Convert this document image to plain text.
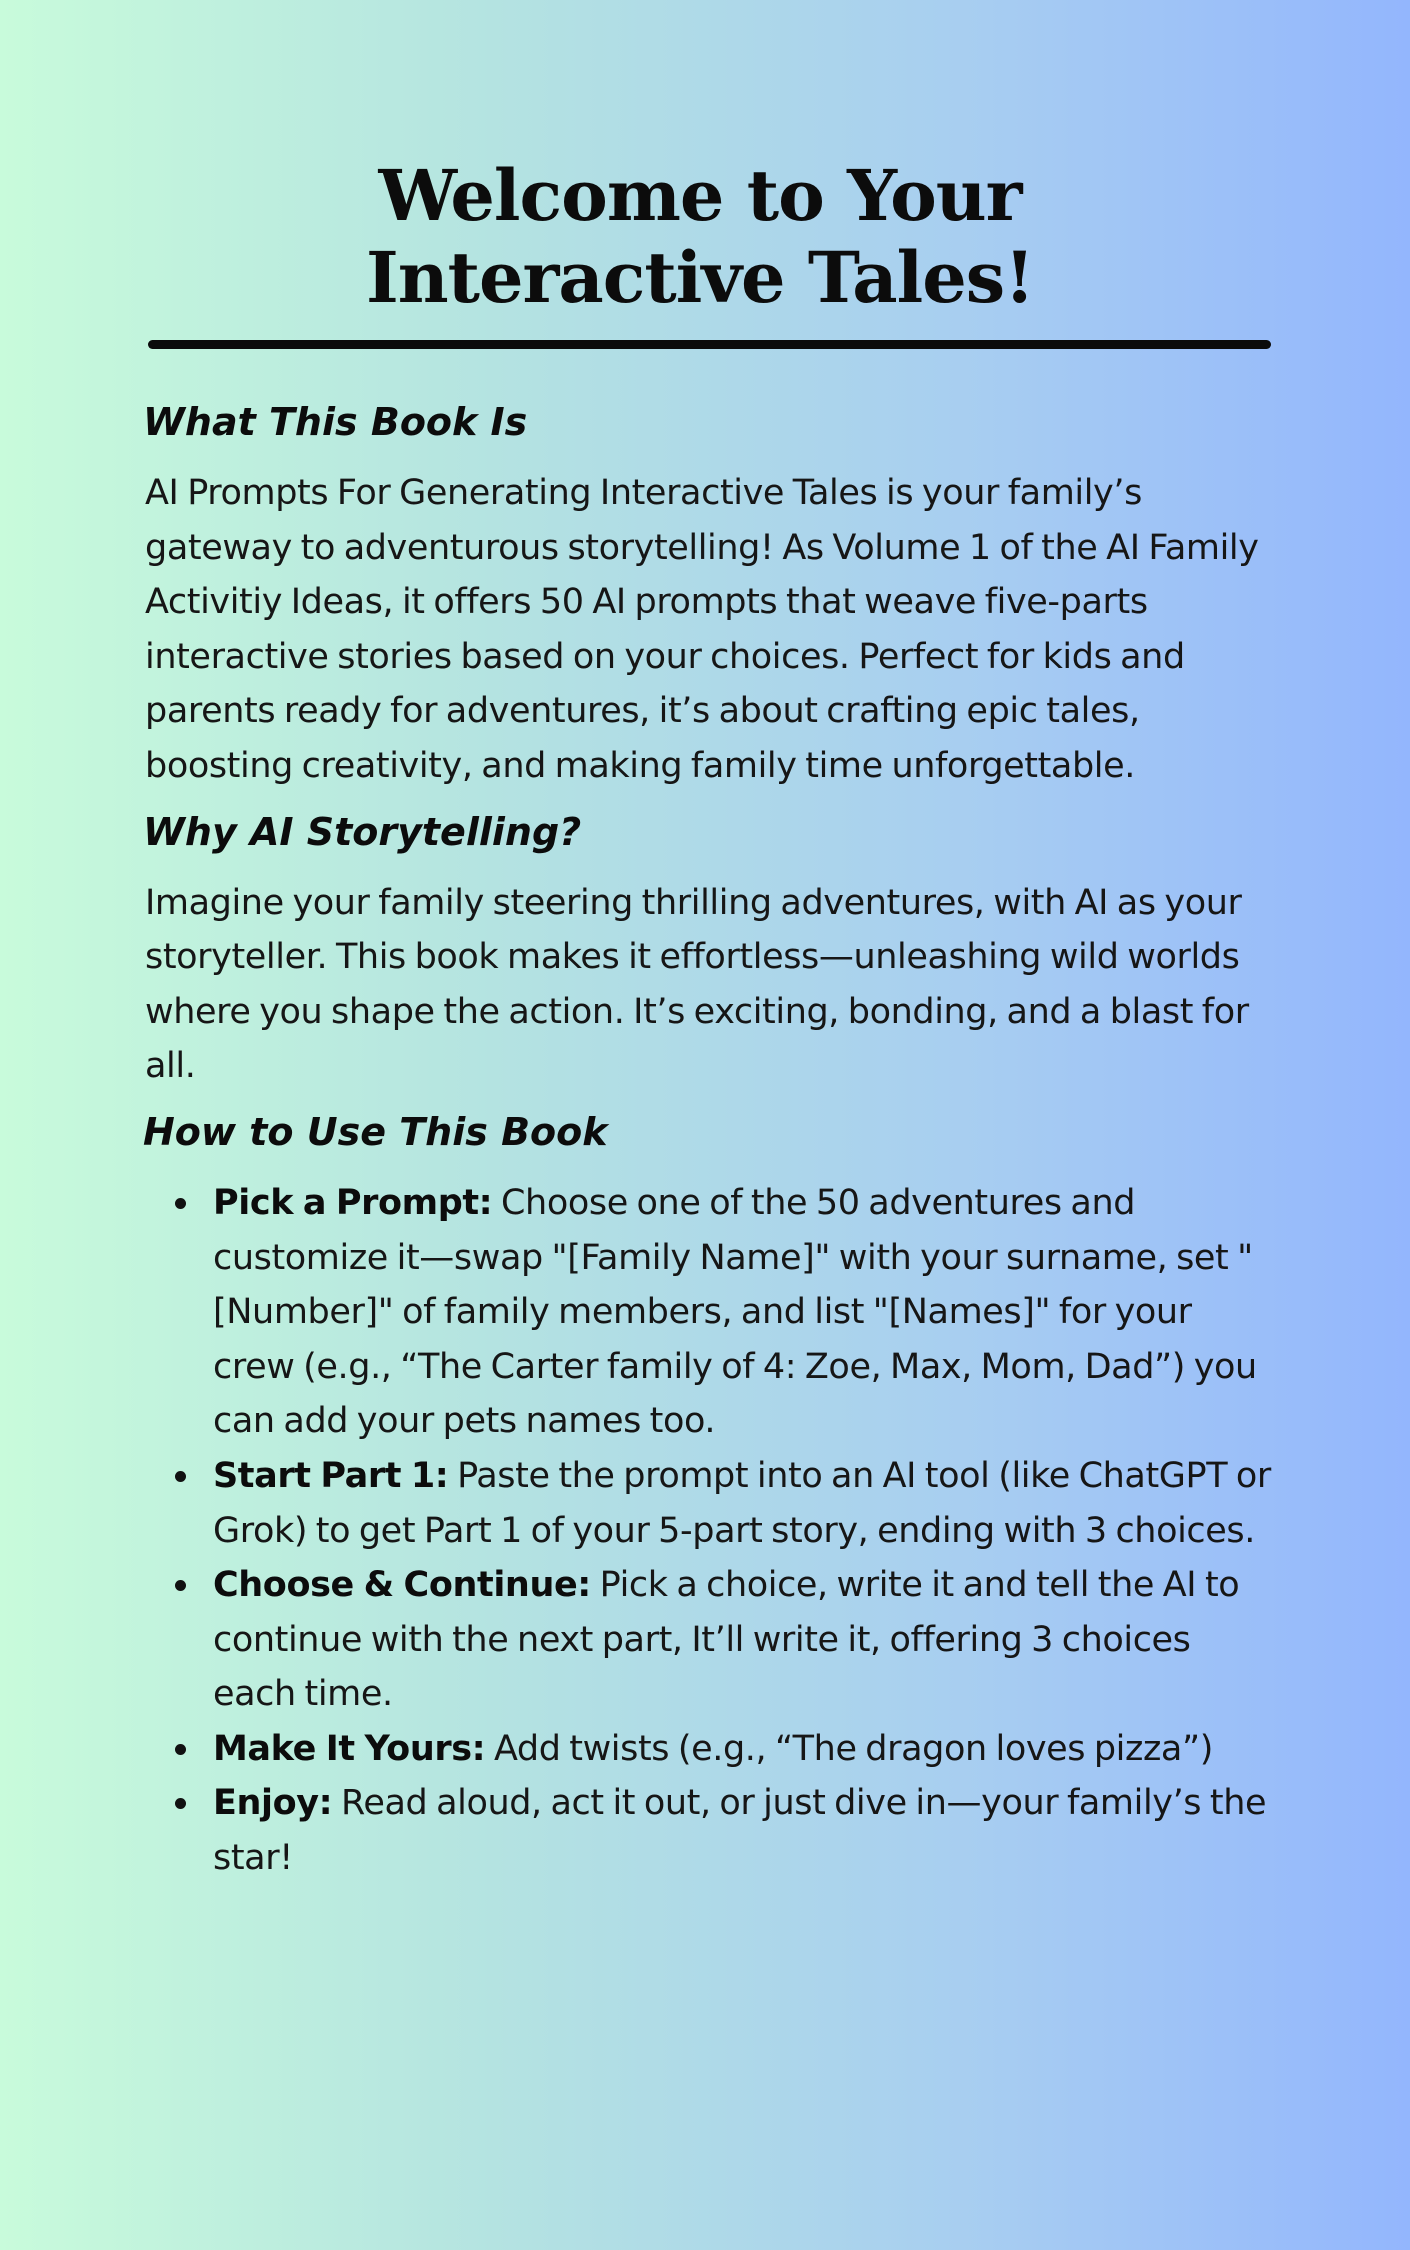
Welcome to Your
Interactive Tales!
What This Book Is

AI Prompts For Generating Interactive Tales is your family’s gateway to adventurous storytelling! As Volume 1 of the AI Family Activitiy Ideas, it offers 50 AI prompts that weave five-parts interactive stories based on your choices. Perfect for kids and parents ready for adventures, it’s about crafting epic tales, boosting creativity, and making family time unforgettable.

Why AI Storytelling?

Imagine your family steering thrilling adventures, with AI as your storyteller. This book makes it effortless—unleashing wild worlds where you shape the action. It’s exciting, bonding, and a blast for all.

How to Use This Book
Pick a Prompt: Choose one of the 50 adventures and customize it—swap "[Family Name]" with your surname, set "[Number]" of family members, and list "[Names]" for your crew (e.g., “The Carter family of 4: Zoe, Max, Mom, Dad”) you can add your pets names too.
Start Part 1: Paste the prompt into an AI tool (like ChatGPT or Grok) to get Part 1 of your 5-part story, ending with 3 choices.
Choose & Continue: Pick a choice, write it and tell the AI to continue with the next part, It’ll write it, offering 3 choices each time.
Make It Yours: Add twists (e.g., “The dragon loves pizza”)
Enjoy: Read aloud, act it out, or just dive in—your family’s the star!
